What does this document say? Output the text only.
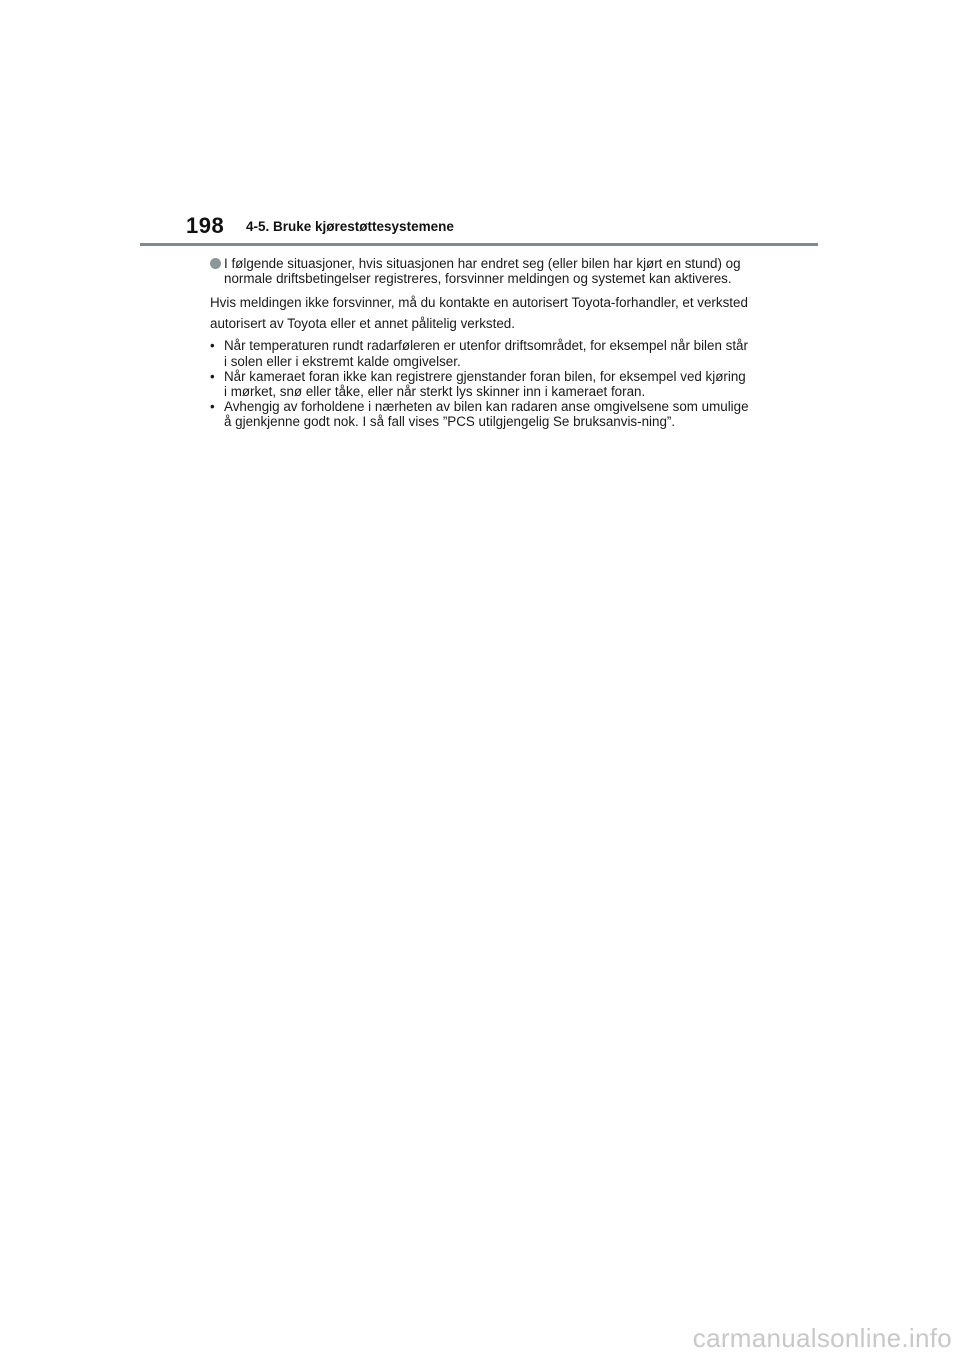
198 4-5. Bruke kjørestøttesystemene
I følgende situasjoner, hvis situasjonen har endret seg (eller bilen har kjørt en stund) og normale driftsbetingelser registreres, forsvinner meldingen og systemet kan aktiveres.

Hvis meldingen ikke forsvinner, må du kontakte en autorisert Toyota-forhandler, et verksted autorisert av Toyota eller et annet pålitelig verksted.

• Når temperaturen rundt radarføleren er utenfor driftsområdet, for eksempel når bilen står i solen eller i ekstremt kalde omgivelser.
• Når kameraet foran ikke kan registrere gjenstander foran bilen, for eksempel ved kjøring i mørket, snø eller tåke, eller når sterkt lys skinner inn i kameraet foran.
• Avhengig av forholdene i nærheten av bilen kan radaren anse omgivelsene som umulige å gjenkjenne godt nok. I så fall vises ”PCS utilgjengelig Se bruksanvis-ning”.
carmanualsonline.info
